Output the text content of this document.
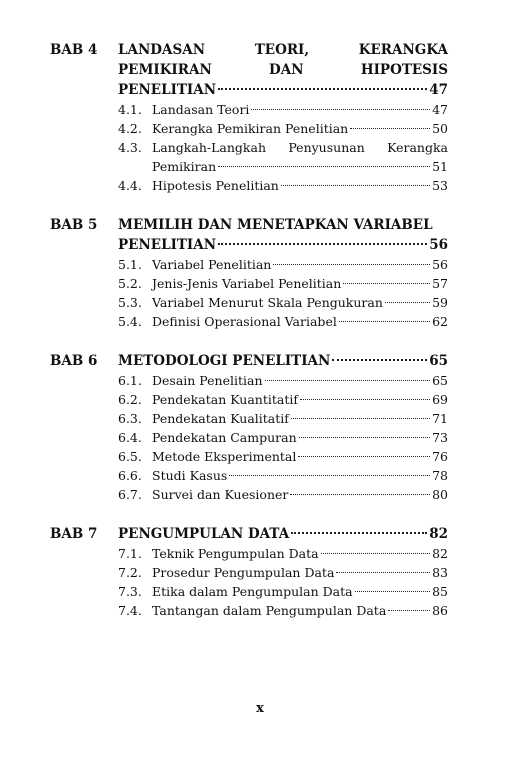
BAB 4 LANDASAN TEORI, KERANGKA PEMIKIRAN DAN HIPOTESIS
PENELITIAN	47
4.1. Landasan Teori	47
4.2. Kerangka Pemikiran Penelitian	50
4.3. Langkah-Langkah Penyusunan Kerangka
Pemikiran	51
4.4. Hipotesis Penelitian	53
BAB 5 MEMILIH DAN MENETAPKAN VARIABEL
PENELITIAN	56
5.1. Variabel Penelitian	56
5.2. Jenis-Jenis Variabel Penelitian	57
5.3. Variabel Menurut Skala Pengukuran	59
5.4. Definisi Operasional Variabel	62
BAB 6 METODOLOGI PENELITIAN	65
6.1. Desain Penelitian	65
6.2. Pendekatan Kuantitatif	69
6.3. Pendekatan Kualitatif	71
6.4. Pendekatan Campuran	73
6.5. Metode Eksperimental	76
6.6. Studi Kasus	78
6.7. Survei dan Kuesioner	80
BAB 7 PENGUMPULAN DATA	82
7.1. Teknik Pengumpulan Data	82
7.2. Prosedur Pengumpulan Data	83
7.3. Etika dalam Pengumpulan Data	85
7.4. Tantangan dalam Pengumpulan Data	86
x
